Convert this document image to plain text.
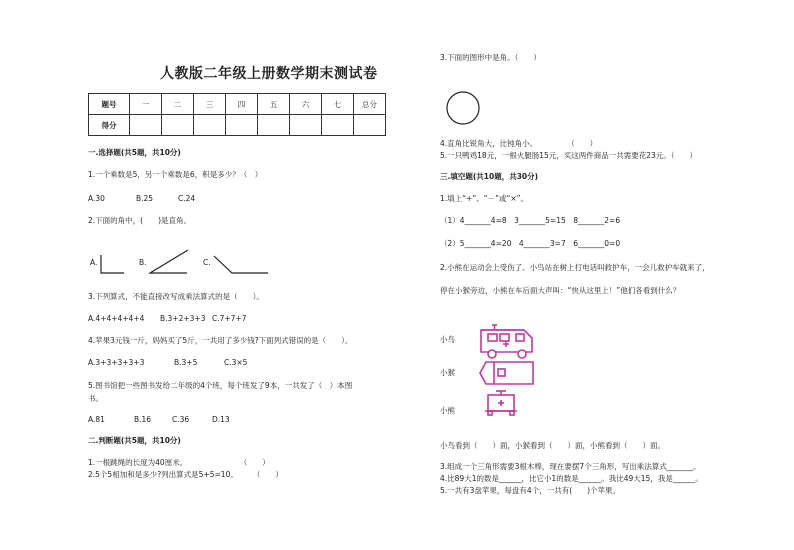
人教版二年级上册数学期末测试卷
题号	一	二	三	四	五	六	七	总分
得分								
一.选择题(共5题，共10分)
1.一个乘数是5，另一个乘数是6，积是多少？（　）
A.30	B.25	C.24
2.下面的角中，(　　)是直角。
A.	B.	C.
3.下列算式，不能直接改写成乘法算式的是（　　）。
A.4+4+4+4+4 B.3+2+3+3 C.7+7+7
4.苹果3元钱一斤，妈妈买了5斤，一共用了多少钱?下面列式错误的是（　　）。
A.3+3+3+3+3	B.3+5	C.3×5
5.图书馆把一些图书发给二年级的4个班，每个班发了9本，一共发了（　）本图
书。
A.81	B.16	C.36	D.13
二.判断题(共5题，共10分)
1.一根跳绳的长度为40厘米。　　　　　　　　（　　）
2.5个5相加和是多少?列出算式是5+5=10。　　　（　　）
3.下面的图形中是角。（　　）
4.直角比锐角大，比钝角小。　　　　　（　　）
5.一只鸭鸡18元，一根火腿肠15元，买这两件商品一共需要花23元。（　　）
三.填空题(共10题，共30分)
1.填上“+”、“－”或“×”。
（1）4_______4=8　3_______5=15　8_______2=6
（2）5_______4=20　4_______3=7　6_______0=0
2.小熊在运动会上受伤了。小鸟站在树上打电话叫救护车，一会儿救护车就来了，
停在小猴旁边，小熊在车后面大声叫：“快从这里上！”他们各看到什么？
小鸟
小猴
小熊
小鸟看到（　　）面，小猴看到（　　）面，小熊看到（　　）面。
3.组成一个三角形需要3根木棒，现在要摆7个三角形，写出乘法算式_______。
4.比89大1的数是______，比它小1的数是______。我比49大15，我是______。
5.一共有3盘苹果，每盘有4个，一共有(　　)个苹果。
